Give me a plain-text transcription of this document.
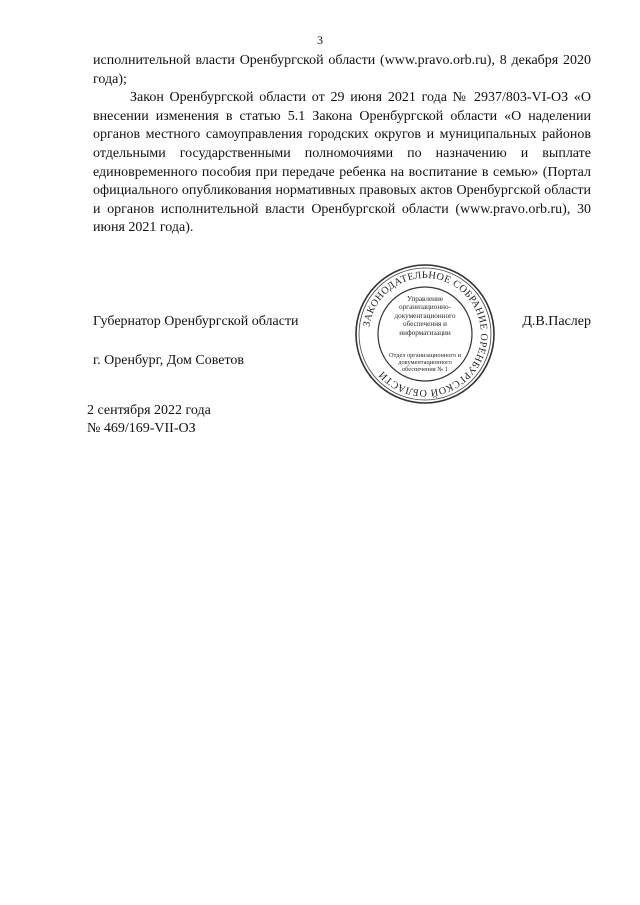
3

исполнительной власти Оренбургской области (www.pravo.orb.ru), 8 декабря 2020 года);

Закон Оренбургской области от 29 июня 2021 года № 2937/803-VI-ОЗ «О внесении изменения в статью 5.1 Закона Оренбургской области «О наделении органов местного самоуправления городских округов и муниципальных районов отдельными государственными полномочиями по назначению и выплате единовременного пособия при передаче ребенка на воспитание в семью» (Портал официального опубликования нормативных правовых актов Оренбургской области и органов исполнительной власти Оренбургской области (www.pravo.orb.ru), 30 июня 2021 года).

Губернатор Оренбургской области	Д.В.Паслер
г. Оренбург, Дом Советов
2 сентября 2022 года
№ 469/169-VII-ОЗ
ЗАКОНОДАТЕЛЬНОЕ СОБРАНИЕ ОРЕНБУРГСКОЙ ОБЛАСТИ
Управление организационно-документационного обеспечения и информатизации
Отдел организационного и документационного обеспечения № 1
